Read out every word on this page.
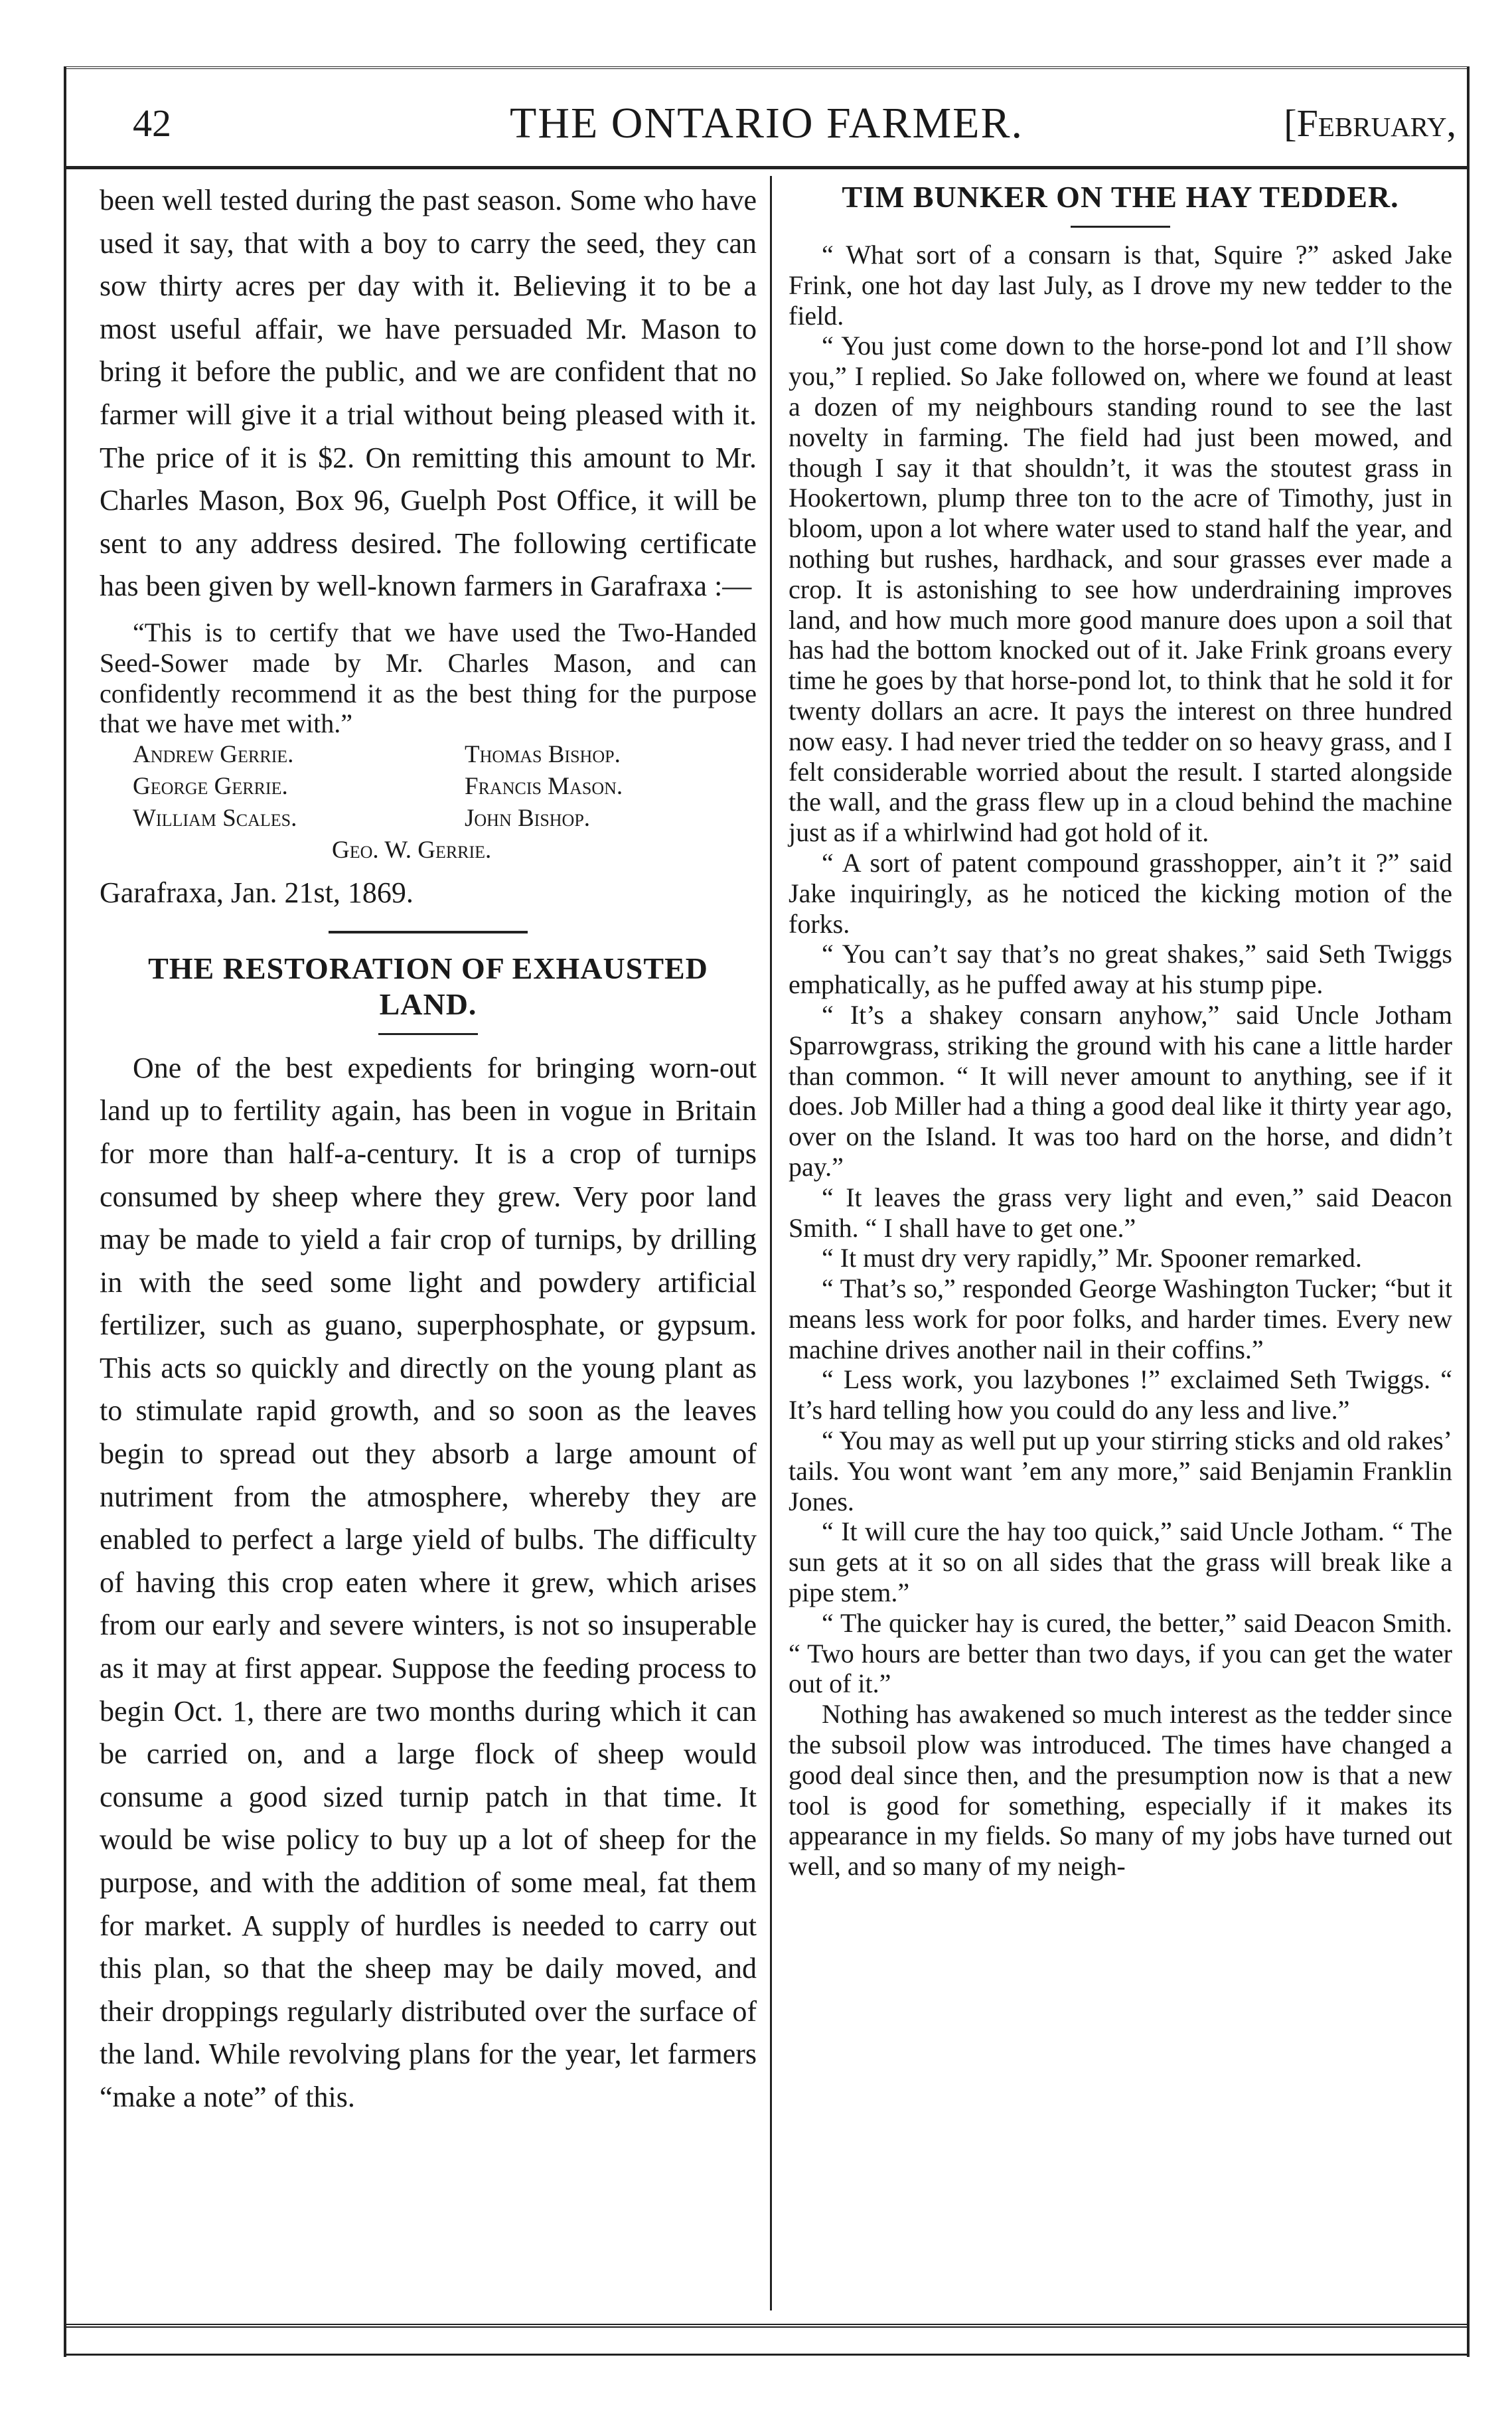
42	THE ONTARIO FARMER.	[February,

been well tested during the past season. Some who have used it say, that with a boy to carry the seed, they can sow thirty acres per day with it. Believing it to be a most useful affair, we have persuaded Mr. Mason to bring it before the public, and we are confident that no farmer will give it a trial without being pleased with it. The price of it is $2. On remitting this amount to Mr. Charles Mason, Box 96, Guelph Post Office, it will be sent to any address desired. The following certificate has been given by well-known farmers in Garafraxa :—

“This is to certify that we have used the Two-Handed Seed-Sower made by Mr. Charles Mason, and can confidently recommend it as the best thing for the purpose that we have met with.”

Andrew Gerrie.	Thomas Bishop.
George Gerrie.	Francis Mason.
William Scales.	John Bishop.
Geo. W. Gerrie.

Garafraxa, Jan. 21st, 1869.

THE RESTORATION OF EXHAUSTED LAND.

One of the best expedients for bringing worn-out land up to fertility again, has been in vogue in Britain for more than half-a-century. It is a crop of turnips consumed by sheep where they grew. Very poor land may be made to yield a fair crop of turnips, by drilling in with the seed some light and powdery artificial fertilizer, such as guano, superphosphate, or gypsum. This acts so quickly and directly on the young plant as to stimulate rapid growth, and so soon as the leaves begin to spread out they absorb a large amount of nutriment from the atmosphere, whereby they are enabled to perfect a large yield of bulbs. The difficulty of having this crop eaten where it grew, which arises from our early and severe winters, is not so insuperable as it may at first appear. Suppose the feeding process to begin Oct. 1, there are two months during which it can be carried on, and a large flock of sheep would consume a good sized turnip patch in that time. It would be wise policy to buy up a lot of sheep for the purpose, and with the addition of some meal, fat them for market. A supply of hurdles is needed to carry out this plan, so that the sheep may be daily moved, and their droppings regularly distributed over the surface of the land. While revolving plans for the year, let farmers “make a note” of this.

TIM BUNKER ON THE HAY TEDDER.

“ What sort of a consarn is that, Squire ?” asked Jake Frink, one hot day last July, as I drove my new tedder to the field.

“ You just come down to the horse-pond lot and I’ll show you,” I replied. So Jake followed on, where we found at least a dozen of my neighbours standing round to see the last novelty in farming. The field had just been mowed, and though I say it that shouldn’t, it was the stoutest grass in Hookertown, plump three ton to the acre of Timothy, just in bloom, upon a lot where water used to stand half the year, and nothing but rushes, hardhack, and sour grasses ever made a crop. It is astonishing to see how underdraining improves land, and how much more good manure does upon a soil that has had the bottom knocked out of it. Jake Frink groans every time he goes by that horse-pond lot, to think that he sold it for twenty dollars an acre. It pays the interest on three hundred now easy. I had never tried the tedder on so heavy grass, and I felt considerable worried about the result. I started alongside the wall, and the grass flew up in a cloud behind the machine just as if a whirlwind had got hold of it.

“ A sort of patent compound grasshopper, ain’t it ?” said Jake inquiringly, as he noticed the kicking motion of the forks.

“ You can’t say that’s no great shakes,” said Seth Twiggs emphatically, as he puffed away at his stump pipe.

“ It’s a shakey consarn anyhow,” said Uncle Jotham Sparrowgrass, striking the ground with his cane a little harder than common. “ It will never amount to anything, see if it does. Job Miller had a thing a good deal like it thirty year ago, over on the Island. It was too hard on the horse, and didn’t pay.”

“ It leaves the grass very light and even,” said Deacon Smith. “ I shall have to get one.”

“ It must dry very rapidly,” Mr. Spooner remarked.

“ That’s so,” responded George Washington Tucker; “but it means less work for poor folks, and harder times. Every new machine drives another nail in their coffins.”

“ Less work, you lazybones !” exclaimed Seth Twiggs. “ It’s hard telling how you could do any less and live.”

“ You may as well put up your stirring sticks and old rakes’ tails. You wont want ’em any more,” said Benjamin Franklin Jones.

“ It will cure the hay too quick,” said Uncle Jotham. “ The sun gets at it so on all sides that the grass will break like a pipe stem.”

“ The quicker hay is cured, the better,” said Deacon Smith. “ Two hours are better than two days, if you can get the water out of it.”

Nothing has awakened so much interest as the tedder since the subsoil plow was introduced. The times have changed a good deal since then, and the presumption now is that a new tool is good for something, especially if it makes its appearance in my fields. So many of my jobs have turned out well, and so many of my neigh-
